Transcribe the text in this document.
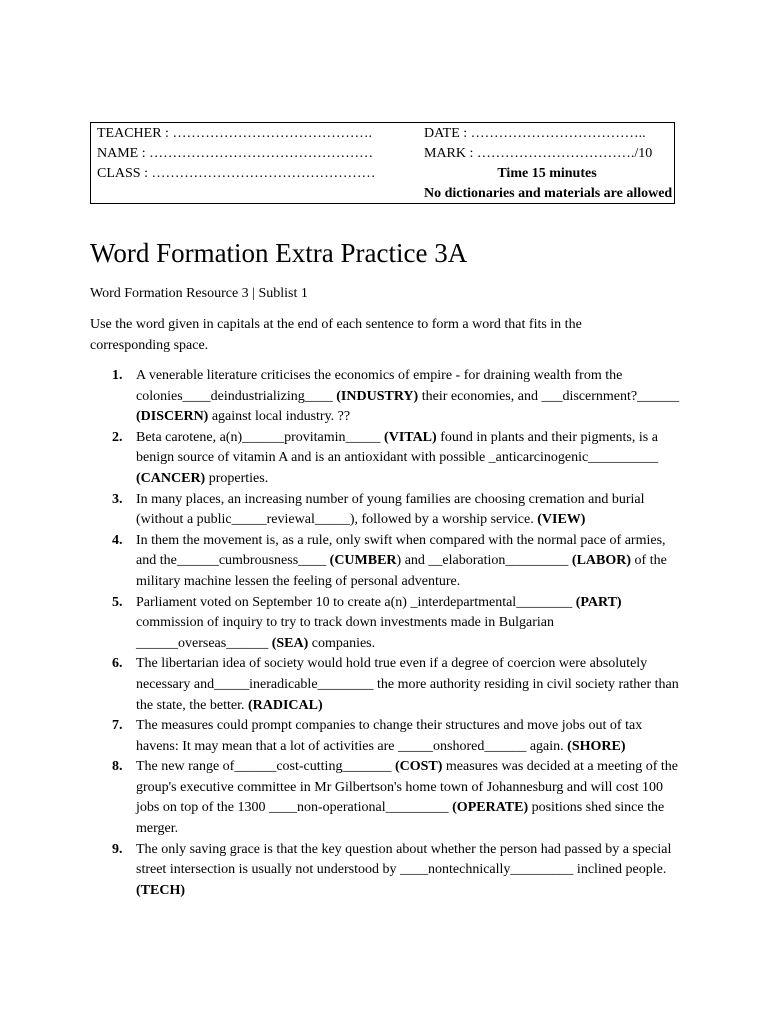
TEACHER : …………………………………….
NAME : …………………………………………
CLASS : …………………………………………
DATE : ………………………………..
MARK : ……………………………./10
Time 15 minutes
No dictionaries and materials are allowed
Word Formation Extra Practice 3A
Word Formation Resource 3 | Sublist 1
Use the word given in capitals at the end of each sentence to form a word that fits in the corresponding space.
1. A venerable literature criticises the economics of empire - for draining wealth from the colonies____deindustrializing____ (INDUSTRY) their economies, and ___discernment?______ (DISCERN) against local industry. ??
2. Beta carotene, a(n)______provitamin_____ (VITAL) found in plants and their pigments, is a benign source of vitamin A and is an antioxidant with possible _anticarcinogenic__________ (CANCER) properties.
3. In many places, an increasing number of young families are choosing cremation and burial (without a public_____reviewal_____), followed by a worship service. (VIEW)
4. In them the movement is, as a rule, only swift when compared with the normal pace of armies, and the______cumbrousness____ (CUMBER) and __elaboration_________ (LABOR) of the military machine lessen the feeling of personal adventure.
5. Parliament voted on September 10 to create a(n) _interdepartmental________ (PART) commission of inquiry to try to track down investments made in Bulgarian ______overseas______ (SEA) companies.
6. The libertarian idea of society would hold true even if a degree of coercion were absolutely necessary and_____ineradicable________ the more authority residing in civil society rather than the state, the better. (RADICAL)
7. The measures could prompt companies to change their structures and move jobs out of tax havens: It may mean that a lot of activities are _____onshored______ again. (SHORE)
8. The new range of______cost-cutting_______ (COST) measures was decided at a meeting of the group's executive committee in Mr Gilbertson's home town of Johannesburg and will cost 100 jobs on top of the 1300 ____non-operational_________ (OPERATE) positions shed since the merger.
9. The only saving grace is that the key question about whether the person had passed by a special street intersection is usually not understood by ____nontechnically_________ inclined people. (TECH)
